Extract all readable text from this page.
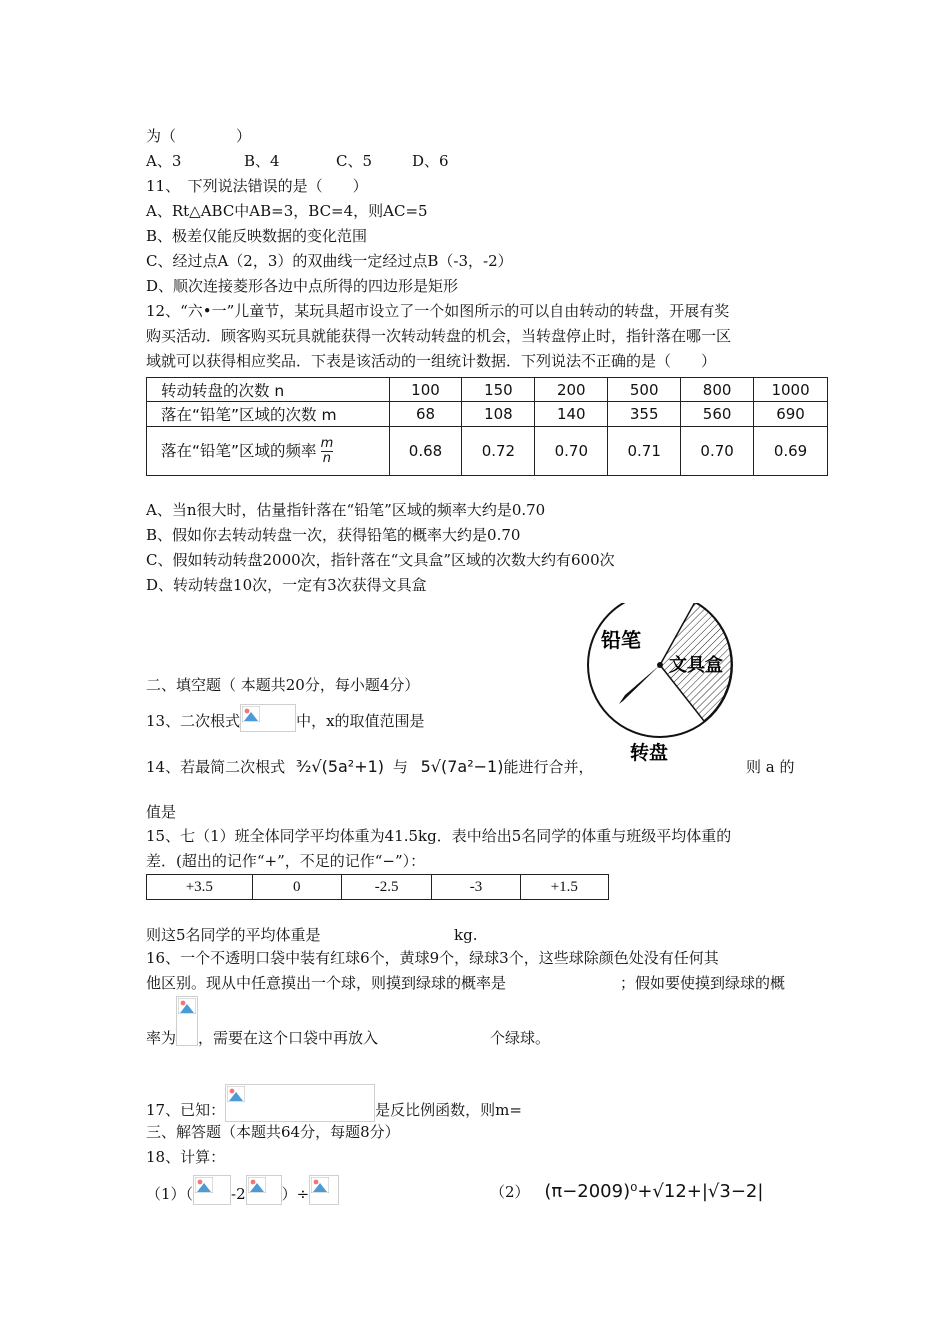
为（　　　　）
A、3	B、4	C、5	D、6
11、　下列说法错误的是（　　）
A、Rt△ABC中AB=3，BC=4，则AC=5
B、极差仅能反映数据的变化范围
C、经过点A（2，3）的双曲线一定经过点B（-3，-2）
D、顺次连接菱形各边中点所得的四边形是矩形
12、“六•一”儿童节，某玩具超市设立了一个如图所示的可以自由转动的转盘，开展有奖
购买活动．顾客购买玩具就能获得一次转动转盘的机会，当转盘停止时，指针落在哪一区
域就可以获得相应奖品．下表是该活动的一组统计数据．下列说法不正确的是（　　）
转动转盘的次数 n	100	150	200	500	800	1000
落在“铅笔”区域的次数 m	68	108	140	355	560	690
落在“铅笔”区域的频率 $\frac{m}{n}$	0.68	0.72	0.70	0.71	0.70	0.69
A、当n很大时，估量指针落在“铅笔”区域的频率大约是0.70
B、假如你去转动转盘一次，获得铅笔的概率大约是0.70
C、假如转动转盘2000次，指针落在“文具盒”区域的次数大约有600次
D、转动转盘10次，一定有3次获得文具盒
铅笔
文具盒
转盘
二、填空题（ 本题共20分，每小题4分）
13、二次根式	中，x的取值范围是
14、若最简二次根式 ³⁄₂√(5a²+1) 与 5√(7a²−1)能进行合并，	则 a 的
值是
15、七（1）班全体同学平均体重为41.5kg．表中给出5名同学的体重与班级平均体重的
差．(超出的记作“+”，不足的记作“−”）：
+3.5	0	-2.5	-3	+1.5
则这5名同学的平均体重是	kg.
16、一个不透明口袋中装有红球6个，黄球9个，绿球3个，这些球除颜色处没有任何其
他区别。现从中任意摸出一个球，则摸到绿球的概率是	；假如要使摸到绿球的概
率为 ，需要在这个口袋中再放入	个绿球。
17、已知：	是反比例函数，则m=
三、解答题（本题共64分，每题8分）
18、计算：
（1）（	-2 ）÷	（2） (π−2009)⁰+√12+|√3−2|
